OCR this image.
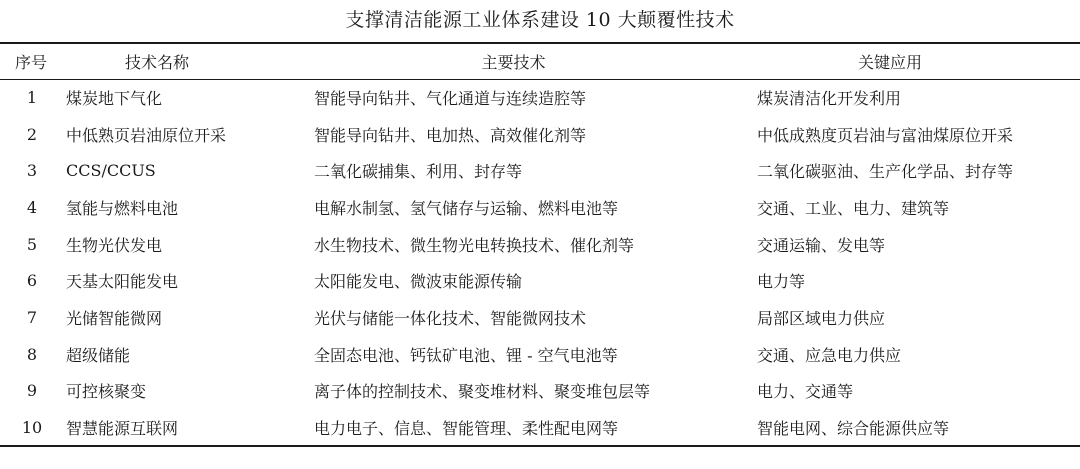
支撑清洁能源工业体系建设 10 大颠覆性技术
序号	技术名称	主要技术	关键应用
1	煤炭地下气化	智能导向钻井、气化通道与连续造腔等	煤炭清洁化开发利用
2	中低熟页岩油原位开采	智能导向钻井、电加热、高效催化剂等	中低成熟度页岩油与富油煤原位开采
3	CCS/CCUS	二氧化碳捕集、利用、封存等	二氧化碳驱油、生产化学品、封存等
4	氢能与燃料电池	电解水制氢、氢气储存与运输、燃料电池等	交通、工业、电力、建筑等
5	生物光伏发电	水生物技术、微生物光电转换技术、催化剂等	交通运输、发电等
6	天基太阳能发电	太阳能发电、微波束能源传输	电力等
7	光储智能微网	光伏与储能一体化技术、智能微网技术	局部区域电力供应
8	超级储能	全固态电池、钙钛矿电池、锂 - 空气电池等	交通、应急电力供应
9	可控核聚变	离子体的控制技术、聚变堆材料、聚变堆包层等	电力、交通等
10	智慧能源互联网	电力电子、信息、智能管理、柔性配电网等	智能电网、综合能源供应等
